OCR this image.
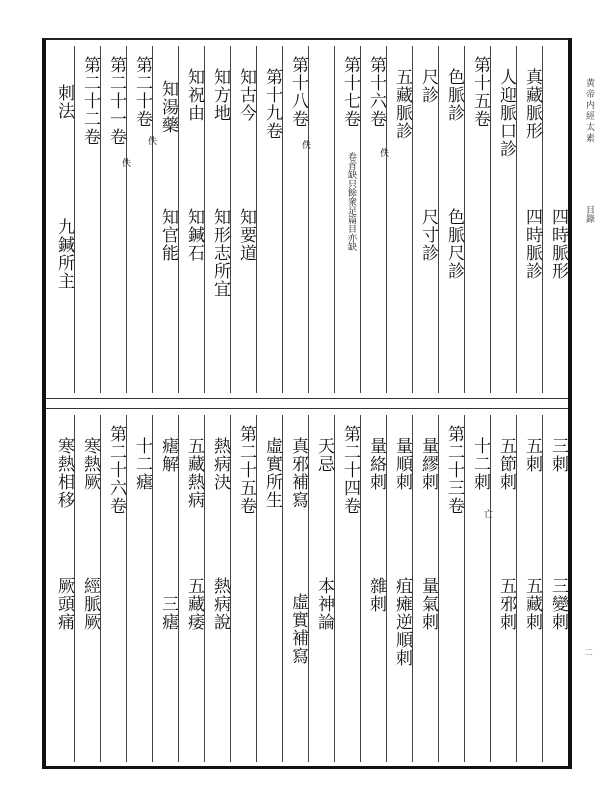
黄帝内經太素
目錄
二
四時脈形
真藏脈形
四時脈診
人迎脈口診
第十五卷
色脈診
色脈尺診
尺診
尺寸診
五藏脈診
第十六卷
佚
第十七卷
卷首缺只餘衆足篇目亦缺
第十八卷
佚
第十九卷
知古今
知要道
知方地
知形志所宜
知祝由
知鍼石
知湯藥
知官能
第二十卷
佚
第二十一卷
佚
第二十二卷
刺法
九鍼所主
三刺
三變刺
五刺
五藏刺
五節刺
五邪刺
十二刺
亡
第二十三卷
量繆刺
量氣刺
量順刺
疽瘫逆順刺
量絡刺
雜刺
第二十四卷
天忌
本神論
真邪補寫
虛實補寫
虛實所生
第二十五卷
熱病決
熱病說
五藏熱病
五藏痿
瘧解
三瘧
十二瘧
第二十六卷
寒熱厥
經脈厥
寒熱相移
厥頭痛
